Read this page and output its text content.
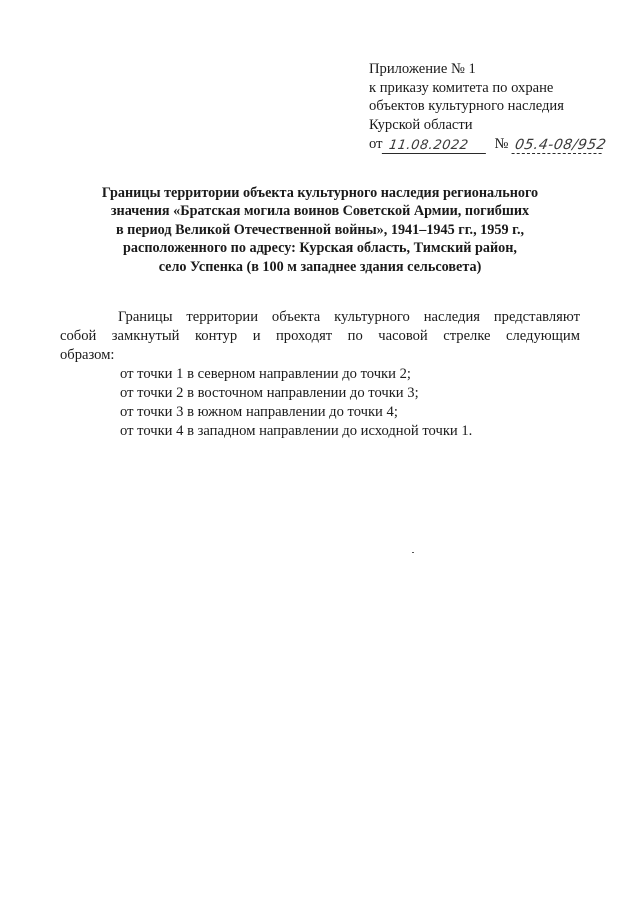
Приложение № 1
к приказу комитета по охране
объектов культурного наследия
Курской области
от 11.08.2022	№ 05.4-08/952
Границы территории объекта культурного наследия регионального
значения «Братская могила воинов Советской Армии, погибших
в период Великой Отечественной войны», 1941–1945 гг., 1959 г.,
расположенного по адресу: Курская область, Тимский район,
село Успенка (в 100 м западнее здания сельсовета)
Границы территории объекта культурного наследия представляют
собой замкнутый контур и проходят по часовой стрелке следующим
образом:
от точки 1 в северном направлении до точки 2;
от точки 2 в восточном направлении до точки 3;
от точки 3 в южном направлении до точки 4;
от точки 4 в западном направлении до исходной точки 1.
